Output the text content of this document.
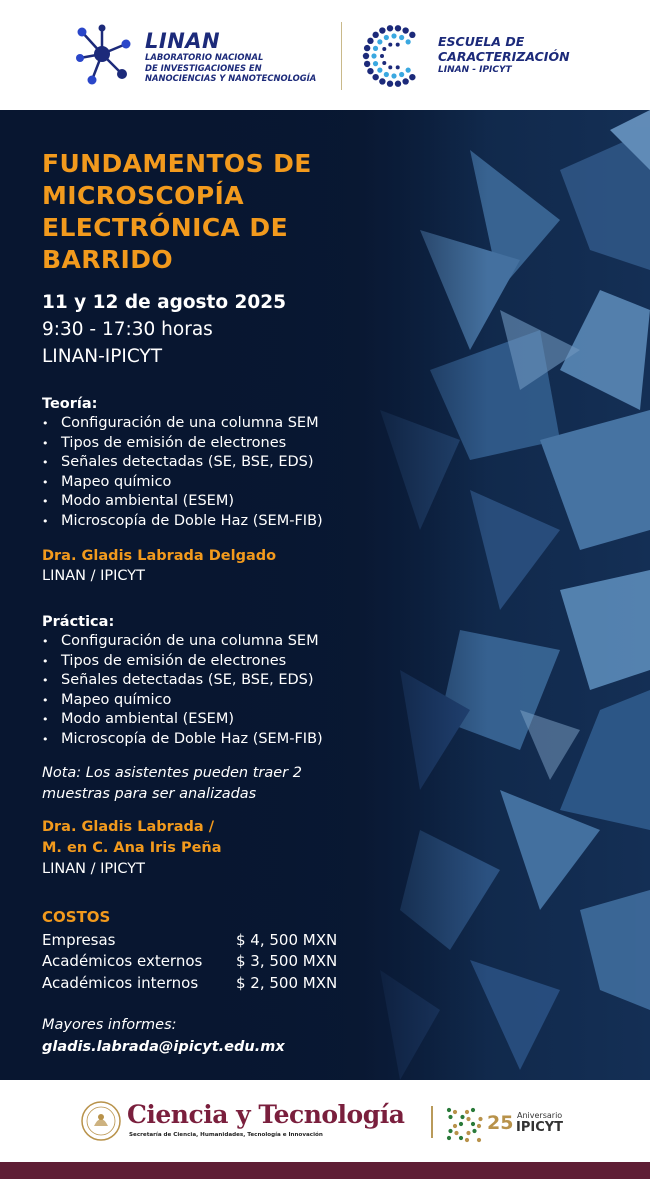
LINAN
LABORATORIO NACIONAL
DE INVESTIGACIONES EN
NANOCIENCIAS Y NANOTECNOLOGÍA
ESCUELA DE
CARACTERIZACIÓN
LINAN - IPICYT
FUNDAMENTOS DE MICROSCOPÍA ELECTRÓNICA DE BARRIDO
11 y 12 de agosto 2025
9:30 - 17:30 horas
LINAN-IPICYT
Teoría:
• Configuración de una columna SEM
• Tipos de emisión de electrones
• Señales detectadas (SE, BSE, EDS)
• Mapeo químico
• Modo ambiental (ESEM)
• Microscopía de Doble Haz (SEM-FIB)
Dra. Gladis Labrada Delgado
LINAN / IPICYT
Práctica:
• Configuración de una columna SEM
• Tipos de emisión de electrones
• Señales detectadas (SE, BSE, EDS)
• Mapeo químico
• Modo ambiental (ESEM)
• Microscopía de Doble Haz (SEM-FIB)
Nota: Los asistentes pueden traer 2 muestras para ser analizadas
Dra. Gladis Labrada /
M. en C. Ana Iris Peña
LINAN / IPICYT
COSTOS
Empresas	$ 4, 500 MXN
Académicos externos $ 3, 500 MXN
Académicos internos	$ 2, 500 MXN
Mayores informes:
gladis.labrada@ipicyt.edu.mx
Ciencia y Tecnología
Secretaría de Ciencia, Humanidades, Tecnología e Innovación
25 Aniversario
IPICYT
